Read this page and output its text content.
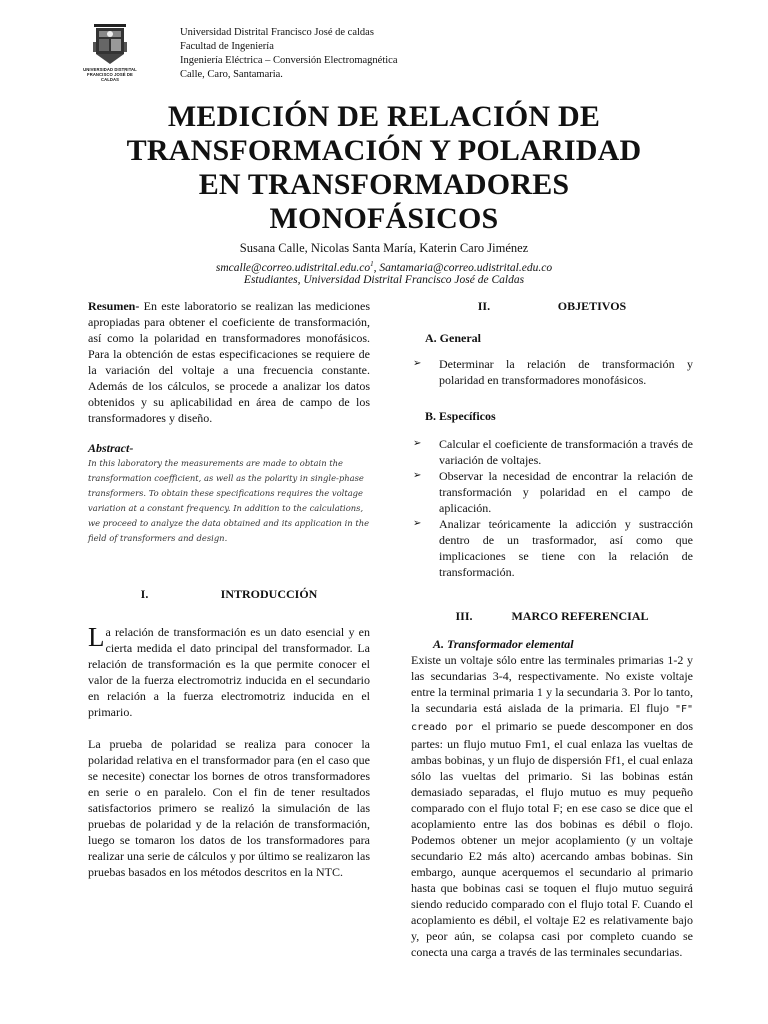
UNIVERSIDAD DISTRITAL
FRANCISCO JOSÉ DE CALDAS
Universidad Distrital Francisco José de caldas
Facultad de Ingeniería
Ingeniería Eléctrica – Conversión Electromagnética
Calle, Caro, Santamaria.
MEDICIÓN DE RELACIÓN DE
TRANSFORMACIÓN Y POLARIDAD
EN TRANSFORMADORES
MONOFÁSICOS
Susana Calle, Nicolas Santa María, Katerin Caro Jiménez
$smcalle@correo.udistrital.edu.co^1$, Santamaria@correo.udistrital.edu.co
Estudiantes, Universidad Distrital Francisco José de Caldas

Resumen- En este laboratorio se realizan las mediciones apropiadas para obtener el coeficiente de transformación, así como la polaridad en transformadores monofásicos. Para la obtención de estas especificaciones se requiere de la variación del voltaje a una frecuencia constante. Además de los cálculos, se procede a analizar los datos obtenidos y su aplicabilidad en área de campo de los transformadores y diseño.

Abstract-

In this laboratory the measurements are made to obtain the transformation coefficient, as well as the polarity in single-phase transformers. To obtain these specifications requires the voltage variation at a constant frequency. In addition to the calculations, we proceed to analyze the data obtained and its application in the field of transformers and design.

I.	INTRODUCCIÓN

La relación de transformación es un dato esencial y en cierta medida el dato principal del transformador. La relación de transformación es la que permite conocer el valor de la fuerza electromotriz inducida en el secundario en relación a la fuerza electromotriz inducida en el primario.

La prueba de polaridad se realiza para conocer la polaridad relativa en el transformador para (en el caso que se necesite) conectar los bornes de otros transformadores en serie o en paralelo. Con el fin de tener resultados satisfactorios primero se realizó la simulación de las pruebas de polaridad y de la relación de transformación, luego se tomaron los datos de los transformadores para realizar una serie de cálculos y por último se realizaron las pruebas basados en los métodos descritos en la NTC.

II.	OBJETIVOS
A. General
➢	Determinar la relación de transformación y polaridad en transformadores monofásicos.
B. Específicos
➢	Calcular el coeficiente de transformación a través de variación de voltajes.
➢	Observar la necesidad de encontrar la relación de transformación y polaridad en el campo de aplicación.
➢	Analizar teóricamente la adicción y sustracción dentro de un trasformador, así como que implicaciones se tiene con la relación de transformación.
III.	MARCO REFERENCIAL
A. Transformador elemental

Existe un voltaje sólo entre las terminales primarias 1-2 y las secundarias 3-4, respectivamente. No existe voltaje entre la terminal primaria 1 y la secundaria 3. Por lo tanto, la secundaria está aislada de la primaria. El flujo "F" creado por el primario se puede descomponer en dos partes: un flujo mutuo Fm1, el cual enlaza las vueltas de ambas bobinas, y un flujo de dispersión Ff1, el cual enlaza sólo las vueltas del primario. Si las bobinas están demasiado separadas, el flujo mutuo es muy pequeño comparado con el flujo total F; en ese caso se dice que el acoplamiento entre las dos bobinas es débil o flojo. Podemos obtener un mejor acoplamiento (y un voltaje secundario E2 más alto) acercando ambas bobinas. Sin embargo, aunque acerquemos el secundario al primario hasta que bobinas casi se toquen el flujo mutuo seguirá siendo reducido comparado con el flujo total F. Cuando el acoplamiento es débil, el voltaje E2 es relativamente bajo y, peor aún, se colapsa casi por completo cuando se conecta una carga a través de las terminales secundarias.
